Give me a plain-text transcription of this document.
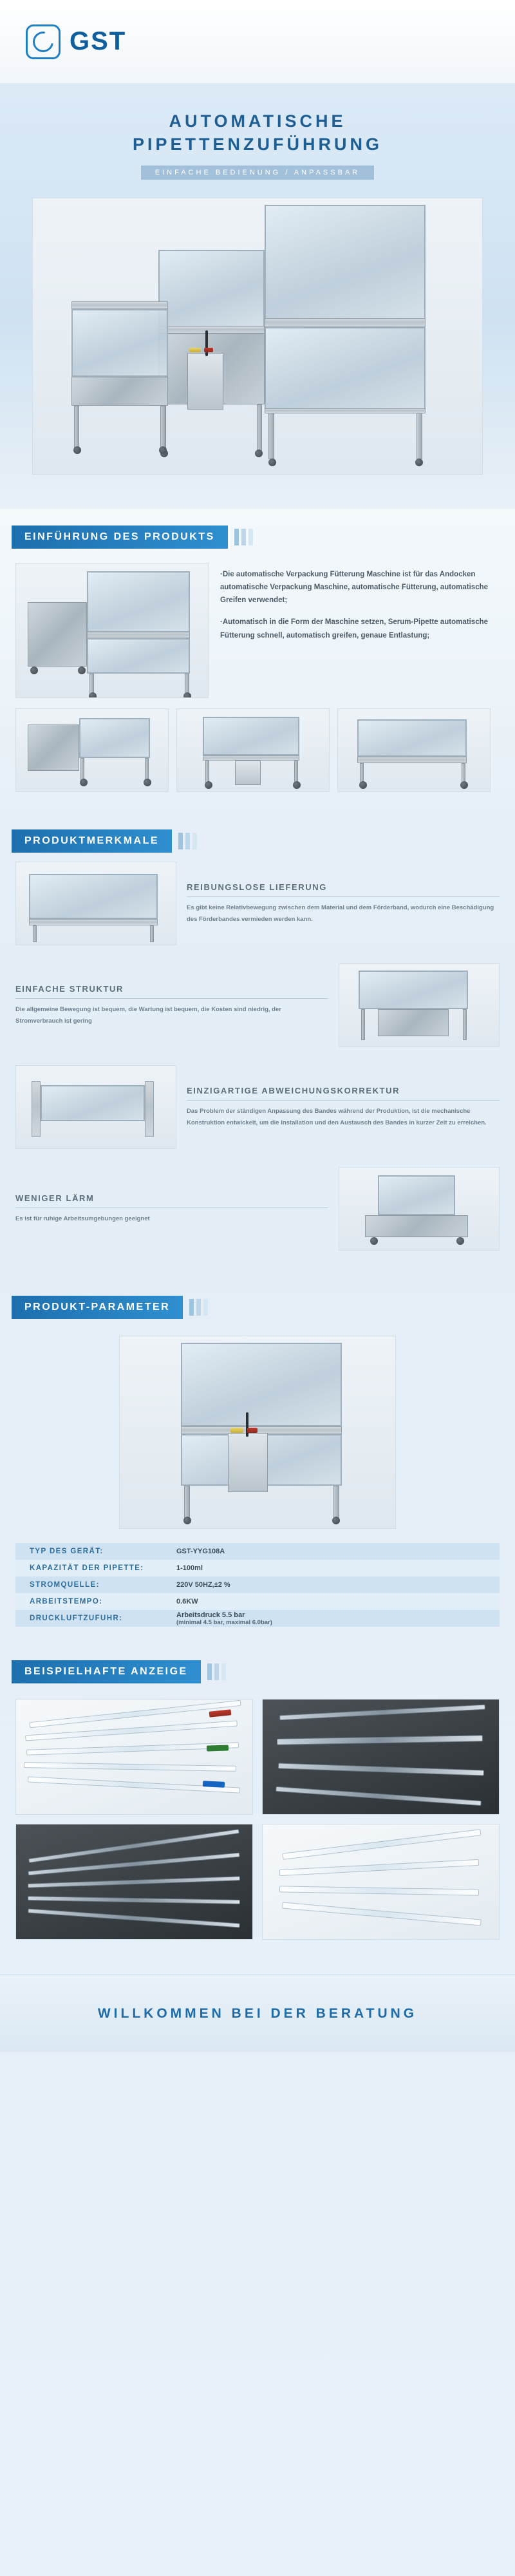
GST
AUTOMATISCHE
PIPETTENZUFÜHRUNG
EINFACHE BEDIENUNG / ANPASSBAR
EINFÜHRUNG DES PRODUKTS

·Die automatische Verpackung Fütterung Maschine ist für das Andocken automatische Verpackung Maschine, automatische Fütterung, automatische Greifen verwendet;

·Automatisch in die Form der Maschine setzen, Serum-Pipette automatische Fütterung schnell, automatisch greifen, genaue Entlastung;

PRODUKTMERKMALE
REIBUNGSLOSE LIEFERUNG

Es gibt keine Relativbewegung zwischen dem Material und dem Förderband, wodurch eine Beschädigung des Förderbandes vermieden werden kann.

EINFACHE STRUKTUR

Die allgemeine Bewegung ist bequem, die Wartung ist bequem, die Kosten sind niedrig, der Stromverbrauch ist gering

EINZIGARTIGE ABWEICHUNGSKORREKTUR

Das Problem der ständigen Anpassung des Bandes während der Produktion, ist die mechanische Konstruktion entwickelt, um die Installation und den Austausch des Bandes in kurzer Zeit zu erreichen.

WENIGER LÄRM

Es ist für ruhige Arbeitsumgebungen geeignet

PRODUKT-PARAMETER
TYP DES GERÄT:	GST-YYG108A
KAPAZITÄT DER PIPETTE:	1-100ml
STROMQUELLE:	220V 50HZ,±2 %
ARBEITSTEMPO:	0.6KW
DRUCKLUFTZUFUHR:	Arbeitsdruck 5.5 bar
(minimal 4.5 bar, maximal 6.0bar)
BEISPIELHAFTE ANZEIGE
WILLKOMMEN BEI DER BERATUNG
